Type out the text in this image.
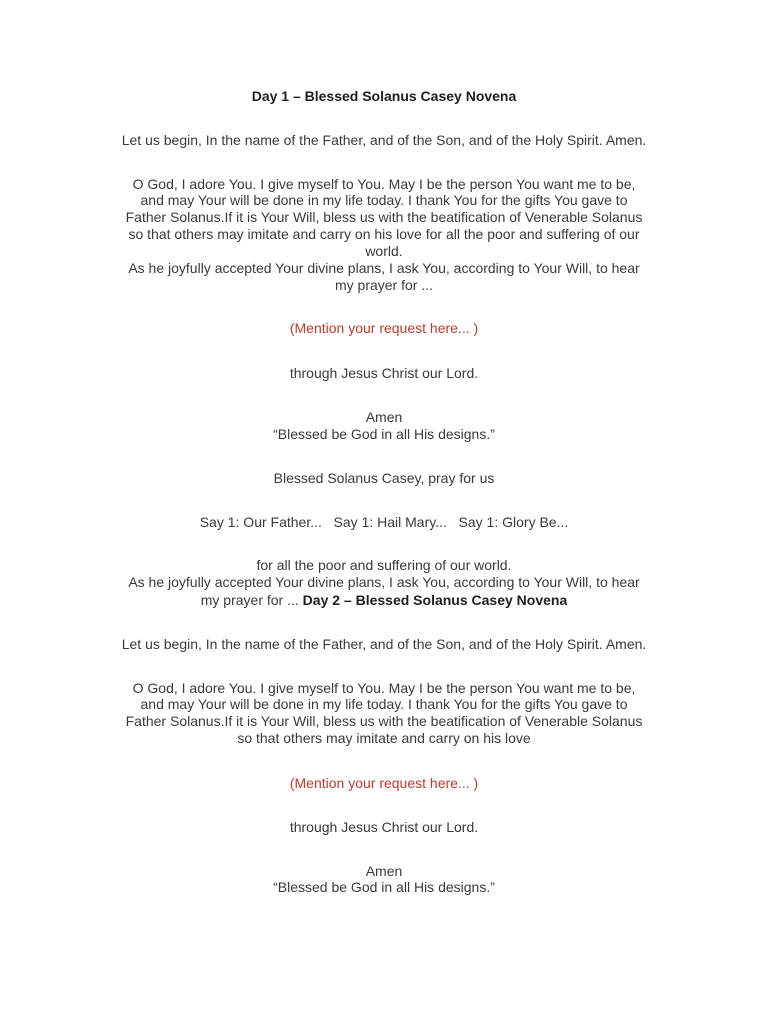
Day 1 – Blessed Solanus Casey Novena
Let us begin, In the name of the Father, and of the Son, and of the Holy Spirit. Amen.
O God, I adore You. I give myself to You. May I be the person You want me to be,
and may Your will be done in my life today. I thank You for the gifts You gave to
Father Solanus.If it is Your Will, bless us with the beatification of Venerable Solanus
so that others may imitate and carry on his love for all the poor and suffering of our
world.
As he joyfully accepted Your divine plans, I ask You, according to Your Will, to hear
my prayer for ...
(Mention your request here... )
through Jesus Christ our Lord.
Amen
“Blessed be God in all His designs.”
Blessed Solanus Casey, pray for us
Say 1: Our Father...   Say 1: Hail Mary...   Say 1: Glory Be...
for all the poor and suffering of our world.
As he joyfully accepted Your divine plans, I ask You, according to Your Will, to hear
my prayer for ... Day 2 – Blessed Solanus Casey Novena
Let us begin, In the name of the Father, and of the Son, and of the Holy Spirit. Amen.
O God, I adore You. I give myself to You. May I be the person You want me to be,
and may Your will be done in my life today. I thank You for the gifts You gave to
Father Solanus.If it is Your Will, bless us with the beatification of Venerable Solanus
so that others may imitate and carry on his love
(Mention your request here... )
through Jesus Christ our Lord.
Amen
“Blessed be God in all His designs.”
